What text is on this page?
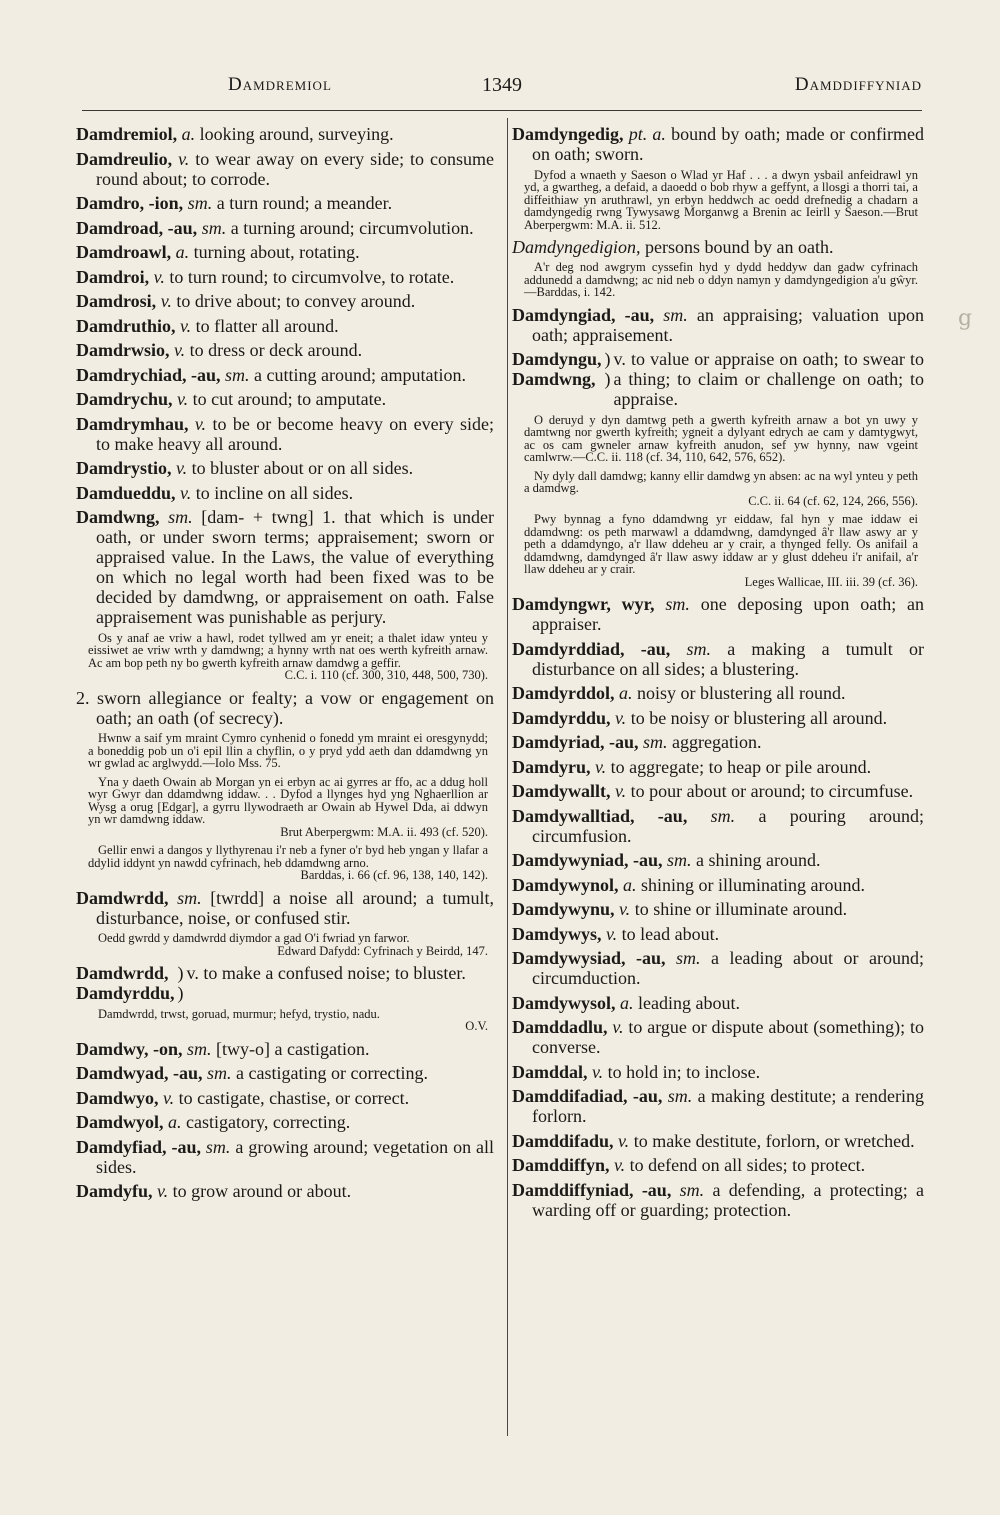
Damdremiol	1349	Damddiffyniad
Damdremiol, a. looking around, surveying.
Damdreulio, v. to wear away on every side; to consume round about; to corrode.
Damdro, -ion, sm. a turn round; a meander.
Damdroad, -au, sm. a turning around; circumvolution.
Damdroawl, a. turning about, rotating.
Damdroi, v. to turn round; to circumvolve, to rotate.
Damdrosi, v. to drive about; to convey around.
Damdruthio, v. to flatter all around.
Damdrwsio, v. to dress or deck around.
Damdrychiad, -au, sm. a cutting around; amputation.
Damdrychu, v. to cut around; to amputate.
Damdrymhau, v. to be or become heavy on every side; to make heavy all around.
Damdrystio, v. to bluster about or on all sides.
Damdueddu, v. to incline on all sides.
Damdwng, sm. [dam- + twng] 1. that which is under oath, or under sworn terms; appraisement; sworn or appraised value. In the Laws, the value of everything on which no legal worth had been fixed was to be decided by damdwng, or appraisement on oath. False appraisement was punishable as perjury.
Os y anaf ae vriw a hawl, rodet tyllwed am yr eneit; a thalet idaw ynteu y eissiwet ae vriw wrth y damdwng; a hynny wrth nat oes werth kyfreith arnaw. Ac am bop peth ny bo gwerth kyfreith arnaw damdwg a geffir.
C.C. i. 110 (cf. 300, 310, 448, 500, 730).
2. sworn allegiance or fealty; a vow or engagement on oath; an oath (of secrecy).
Hwnw a saif ym mraint Cymro cynhenid o fonedd ym mraint ei oresgynydd; a boneddig pob un o'i epil llin a chyflin, o y pryd ydd aeth dan ddamdwng yn wr gwlad ac arglwydd.—Iolo Mss. 75.
Yna y daeth Owain ab Morgan yn ei erbyn ac ai gyrres ar ffo, ac a ddug holl wyr Gwyr dan ddamdwng iddaw. . . Dyfod a llynges hyd yng Nghaerllion ar Wysg a orug [Edgar], a gyrru llywodraeth ar Owain ab Hywel Dda, ai ddwyn yn wr damdwng iddaw.
Brut Aberpergwm: M.A. ii. 493 (cf. 520).
Gellir enwi a dangos y llythyrenau i'r neb a fyner o'r byd heb yngan y llafar a ddylid iddynt yn nawdd cyfrinach, heb ddamdwng arno.
Barddas, i. 66 (cf. 96, 138, 140, 142).
Damdwrdd, sm. [twrdd] a noise all around; a tumult, disturbance, noise, or confused stir.
Oedd gwrdd y damdwrdd diymdor a gad O'i fwriad yn farwor.
Edward Dafydd: Cyfrinach y Beirdd, 147.
Damdwrdd,
Damdyrddu,
)
)
v. to make a confused noise; to bluster.
Damdwrdd, trwst, goruad, murmur; hefyd, trystio, nadu.
O.V.
Damdwy, -on, sm. [twy-o] a castigation.
Damdwyad, -au, sm. a castigating or correcting.
Damdwyo, v. to castigate, chastise, or correct.
Damdwyol, a. castigatory, correcting.
Damdyfiad, -au, sm. a growing around; vegetation on all sides.
Damdyfu, v. to grow around or about.
Damdyngedig, pt. a. bound by oath; made or confirmed on oath; sworn.
Dyfod a wnaeth y Saeson o Wlad yr Haf . . . a dwyn ysbail anfeidrawl yn yd, a gwartheg, a defaid, a daoedd o bob rhyw a geffynt, a llosgi a thorri tai, a diffeithiaw yn aruthrawl, yn erbyn heddwch ac oedd drefnedig a chadarn a damdyngedig rwng Tywysawg Morganwg a Brenin ac Ieirll y Saeson.—Brut Aberpergwm: M.A. ii. 512.
Damdyngedigion, persons bound by an oath.
A'r deg nod awgrym cyssefin hyd y dydd heddyw dan gadw cyfrinach addunedd a damdwng; ac nid neb o ddyn namyn y damdyngedigion a'u gŵyr.—Barddas, i. 142.
Damdyngiad, -au, sm. an appraising; valuation upon oath; appraisement.
Damdyngu,
Damdwng,
)
)
v. to value or appraise on oath; to swear to a thing; to claim or challenge on oath; to appraise.
O deruyd y dyn damtwg peth a gwerth kyfreith arnaw a bot yn uwy y damtwng nor gwerth kyfreith; ygneit a dylyant edrych ae cam y damtygwyt, ac os cam gwneler arnaw kyfreith anudon, sef yw hynny, naw vgeint camlwrw.—C.C. ii. 118 (cf. 34, 110, 642, 576, 652).
Ny dyly dall damdwg; kanny ellir damdwg yn absen: ac na wyl ynteu y peth a damdwg.
C.C. ii. 64 (cf. 62, 124, 266, 556).
Pwy bynnag a fyno ddamdwng yr eiddaw, fal hyn y mae iddaw ei ddamdwng: os peth marwawl a ddamdwng, damdynged â'r llaw aswy ar y peth a ddamdyngo, a'r llaw ddeheu ar y crair, a thynged felly. Os anifail a ddamdwng, damdynged â'r llaw aswy iddaw ar y glust ddeheu i'r anifail, a'r llaw ddeheu ar y crair.
Leges Wallicae, III. iii. 39 (cf. 36).
Damdyngwr, wyr, sm. one deposing upon oath; an appraiser.
Damdyrddiad, -au, sm. a making a tumult or disturbance on all sides; a blustering.
Damdyrddol, a. noisy or blustering all round.
Damdyrddu, v. to be noisy or blustering all around.
Damdyriad, -au, sm. aggregation.
Damdyru, v. to aggregate; to heap or pile around.
Damdywallt, v. to pour about or around; to circumfuse.
Damdywalltiad, -au, sm. a pouring around; circumfusion.
Damdywyniad, -au, sm. a shining around.
Damdywynol, a. shining or illuminating around.
Damdywynu, v. to shine or illuminate around.
Damdywys, v. to lead about.
Damdywysiad, -au, sm. a leading about or around; circumduction.
Damdywysol, a. leading about.
Damddadlu, v. to argue or dispute about (something); to converse.
Damddal, v. to hold in; to inclose.
Damddifadiad, -au, sm. a making destitute; a rendering forlorn.
Damddifadu, v. to make destitute, forlorn, or wretched.
Damddiffyn, v. to defend on all sides; to protect.
Damddiffyniad, -au, sm. a defending, a protecting; a warding off or guarding; protection.
g
